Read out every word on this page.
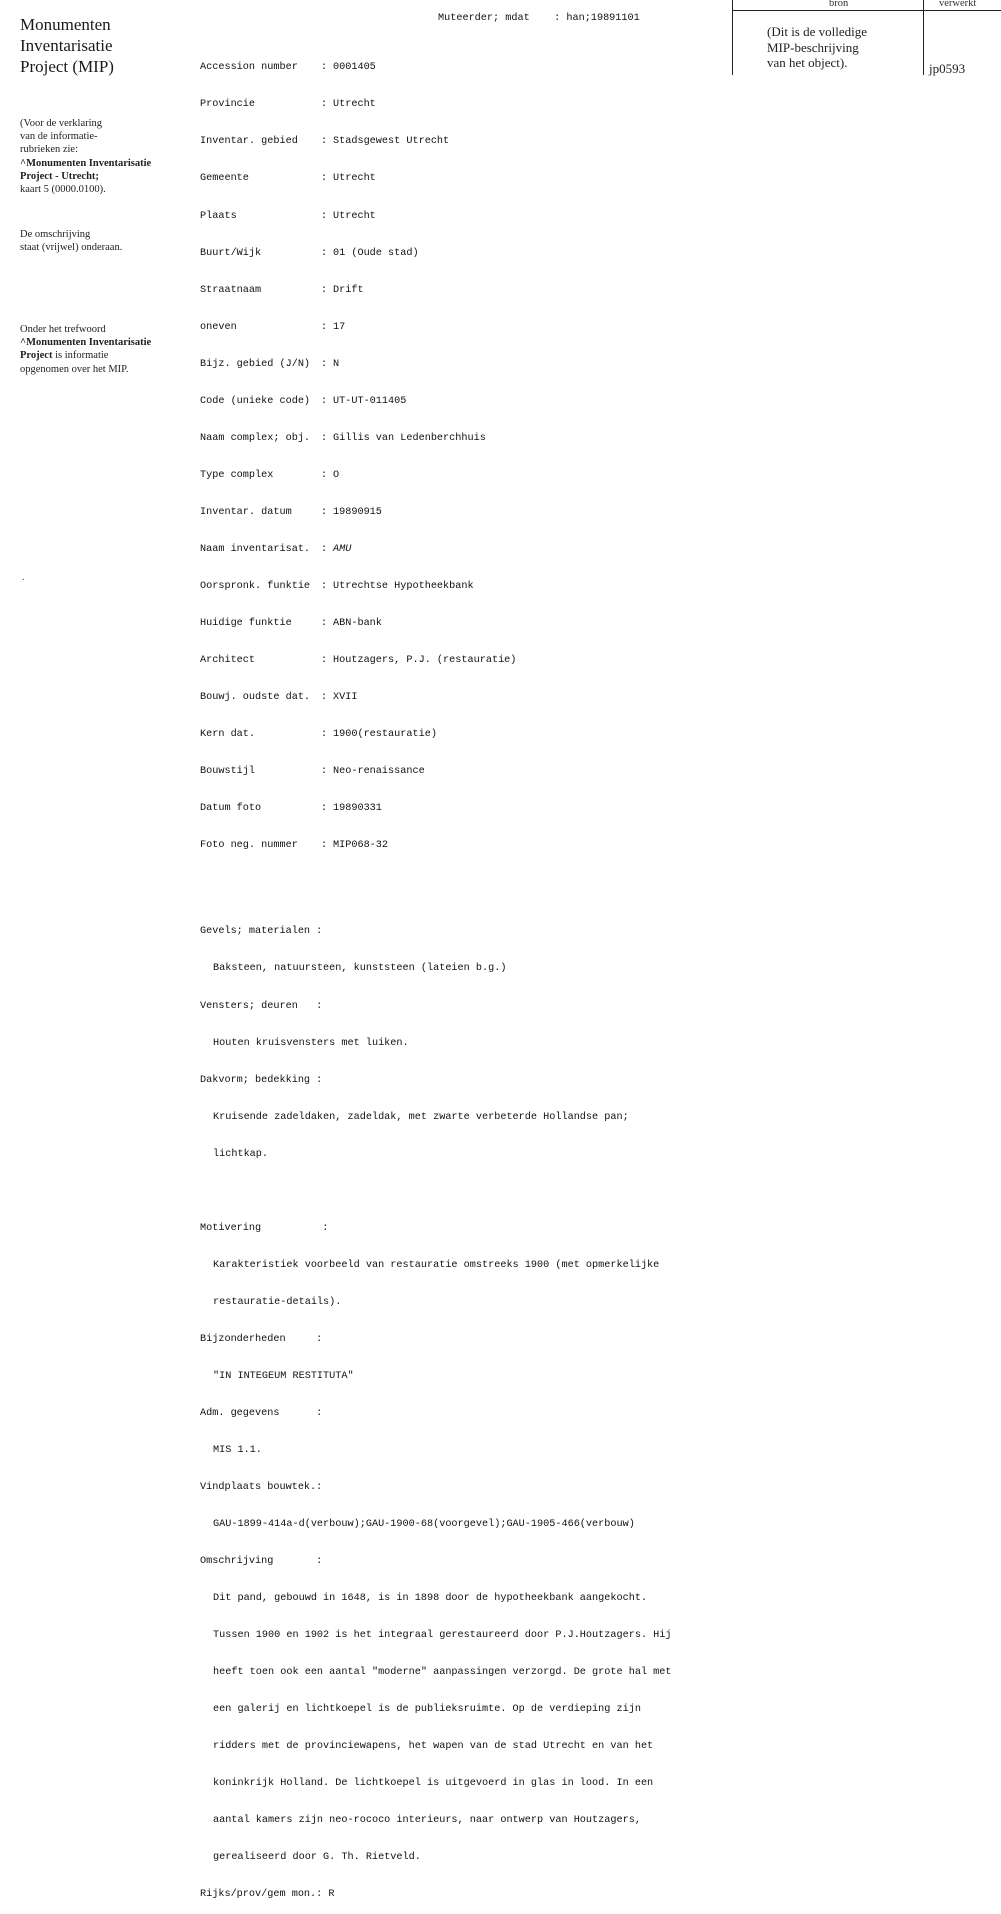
Monumenten
Inventarisatie
Project (MIP)
(Voor de verklaring
van de informatie-
rubrieken zie:
^Monumenten Inventarisatie
Project - Utrecht;
kaart 5 (0000.0100).
De omschrijving
staat (vrijwel) onderaan.
Onder het trefwoord
^Monumenten Inventarisatie
Project is informatie
opgenomen over het MIP.
.
bron	verwerkt
(Dit is de volledige
MIP-beschrijving
van het object).	jp0593

Muteerder; mdat    : han;19891101

Accession number	: 0001405

Provincie	: Utrecht

Inventar. gebied	: Stadsgewest Utrecht

Gemeente	: Utrecht

Plaats	: Utrecht

Buurt/Wijk	: 01 (Oude stad)

Straatnaam	: Drift

oneven	: 17

Bijz. gebied (J/N)	: N

Code (unieke code)	: UT-UT-011405

Naam complex; obj.	: Gillis van Ledenberchhuis

Type complex	: O

Inventar. datum	: 19890915

Naam inventarisat.	: AMU

Oorspronk. funktie	: Utrechtse Hypotheekbank

Huidige funktie	: ABN-bank

Architect	: Houtzagers, P.J. (restauratie)

Bouwj. oudste dat.	: XVII

Kern dat.	: 1900(restauratie)

Bouwstijl	: Neo-renaissance

Datum foto	: 19890331

Foto neg. nummer	: MIP068-32

Gevels; materialen :

Baksteen, natuursteen, kunststeen (lateien b.g.)

Vensters; deuren   :

Houten kruisvensters met luiken.

Dakvorm; bedekking :

Kruisende zadeldaken, zadeldak, met zwarte verbeterde Hollandse pan;

lichtkap.

Motivering          :

Karakteristiek voorbeeld van restauratie omstreeks 1900 (met opmerkelijke

restauratie-details).

Bijzonderheden     :

"IN INTEGEUM RESTITUTA"

Adm. gegevens      :

MIS 1.1.

Vindplaats bouwtek.:

GAU-1899-414a-d(verbouw);GAU-1900-68(voorgevel);GAU-1905-466(verbouw)

Omschrijving       :

Dit pand, gebouwd in 1648, is in 1898 door de hypotheekbank aangekocht.

Tussen 1900 en 1902 is het integraal gerestaureerd door P.J.Houtzagers. Hij

heeft toen ook een aantal "moderne" aanpassingen verzorgd. De grote hal met

een galerij en lichtkoepel is de publieksruimte. Op de verdieping zijn

ridders met de provinciewapens, het wapen van de stad Utrecht en van het

koninkrijk Holland. De lichtkoepel is uitgevoerd in glas in lood. In een

aantal kamers zijn neo-rococo interieurs, naar ontwerp van Houtzagers,

gerealiseerd door G. Th. Rietveld.

Rijks/prov/gem mon.:
R
